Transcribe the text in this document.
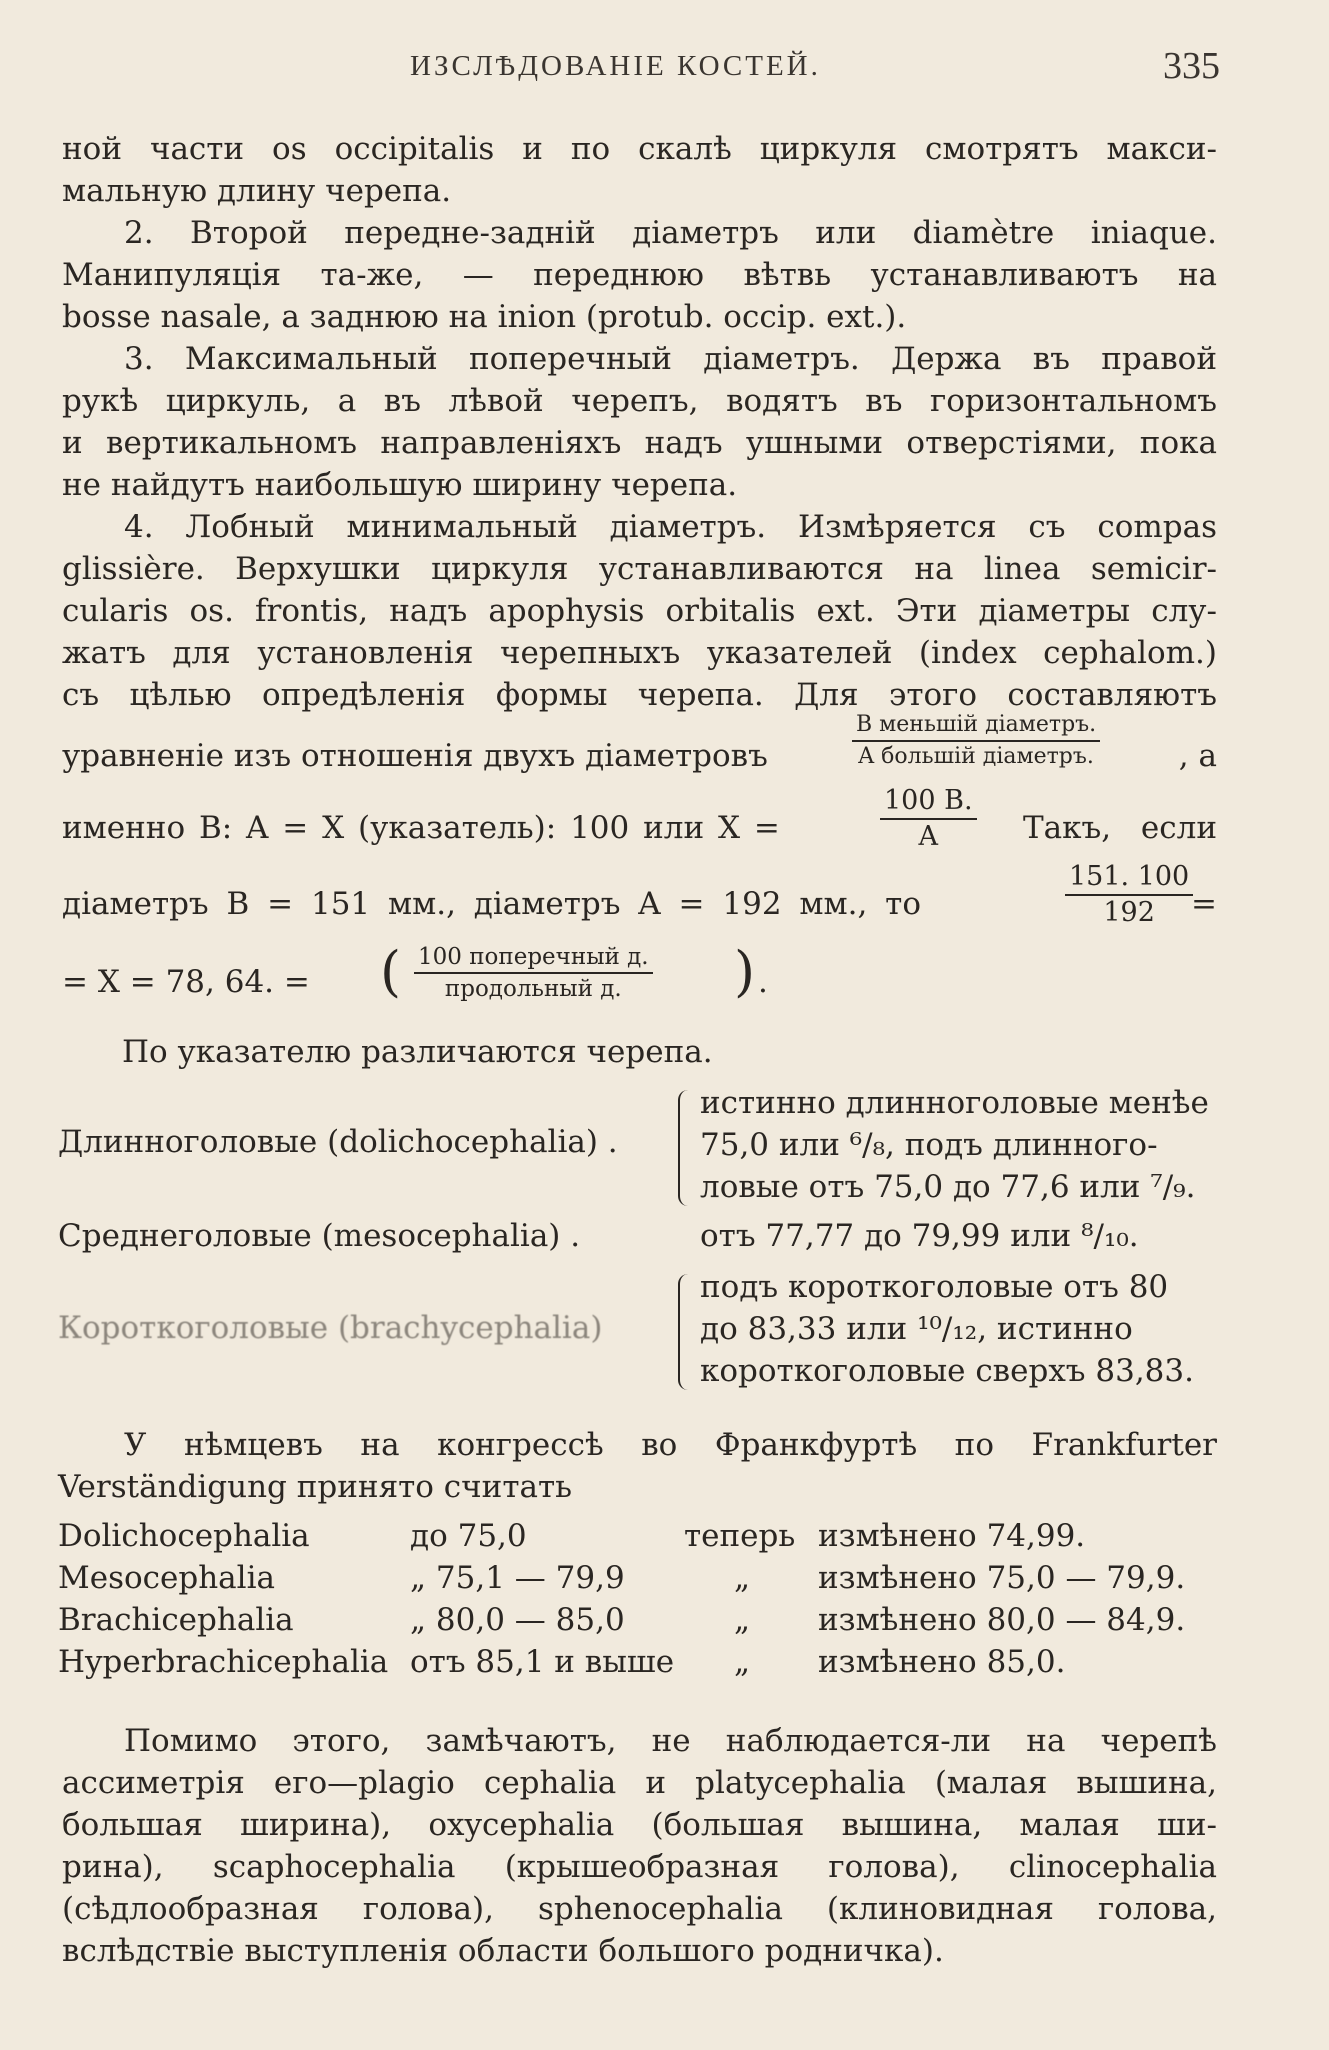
ИЗСЛѢДОВАНІЕ КОСТЕЙ.	335

ной части os occipitalis и по скалѣ циркуля смотрятъ макси-

мальную длину черепа.

2. Второй передне-задній діаметръ или diamètre iniaque.

Манипуляція та-же, — переднюю вѣтвь устанавливаютъ на

bosse nasale, а заднюю на inion (protub. occip. ext.).

3. Максимальный поперечный діаметръ. Держа въ правой

рукѣ циркуль, а въ лѣвой черепъ, водятъ въ горизонтальномъ

и вертикальномъ направленіяхъ надъ ушными отверстіями, пока

не найдутъ наибольшую ширину черепа.

4. Лобный минимальный діаметръ. Измѣряется съ compas

glissière. Верхушки циркуля устанавливаются на linea semicir-

cularis os. frontis, надъ apophysis orbitalis ext. Эти діаметры слу-

жатъ для установленія черепныхъ указателей (index cephalom.)

съ цѣлью опредѣленія формы черепа. Для этого составляютъ

уравненіе изъ отношенія двухъ діаметровъ
B меньшій діаметръ.
A большій діаметръ.	, а
именно B: A = X (указатель): 100 или X =	$\frac{100 B.}{A}$ Такъ, если
діаметръ B = 151 мм., діаметръ A = 192 мм., то	$\frac{151. 100}{192}$
=
= X = 78, 64. = ( 100 поперечный д.
продольный д.	) .
По указателю различаются черепа.
Длинноголовые (dolichocephalia) .
истинно длинноголовые менѣе
75,0 или ⁶/₈, подъ длинного-
ловые отъ 75,0 до 77,6 или ⁷/₉.
Среднеголовые (mesocephalia) .	отъ 77,77 до 79,99 или ⁸/₁₀.
Короткоголовые (brachycephalia)
подъ короткоголовые отъ 80
до 83,33 или ¹⁰/₁₂, истинно
короткоголовые сверхъ 83,83.

У нѣмцевъ на конгрессѣ во Франкфуртѣ по Frankfurter

Verständigung принято считать

Dolichocephalia	до 75,0	теперь измѣнено 74,99.
Mesocephalia	„ 75,1 — 79,9	„ измѣнено 75,0 — 79,9.
Brachicephalia	„ 80,0 — 85,0	„ измѣнено 80,0 — 84,9.
Hyperbrachicephalia отъ 85,1 и выше „ измѣнено 85,0.

Помимо этого, замѣчаютъ, не наблюдается-ли на черепѣ

ассиметрія его—plagio cephalia и platycephalia (малая вышина,

большая ширина), oxycephalia (большая вышина, малая ши-

рина), scaphocephalia (крышеобразная голова), clinocephalia

(сѣдлообразная голова), sphenocephalia (клиновидная голова,

вслѣдствіе выступленія области большого родничка).
